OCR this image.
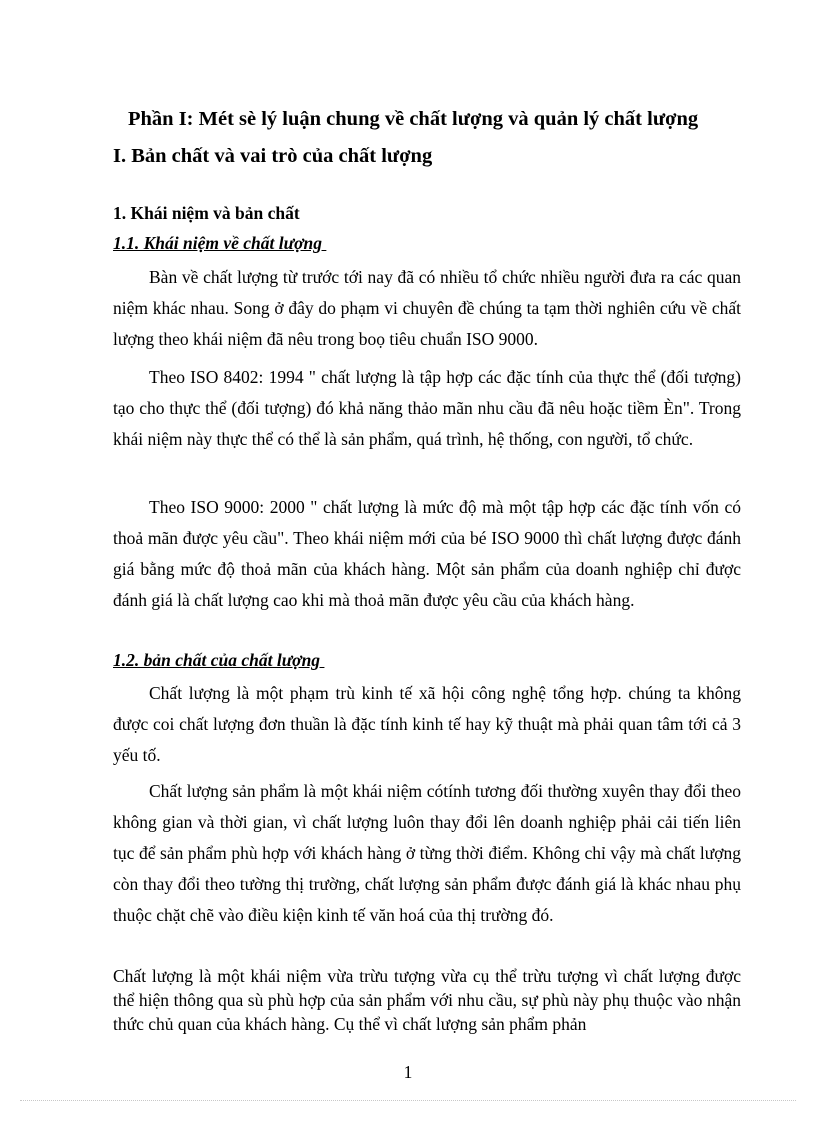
Phần I: Mét sè lý luận chung về chất lượng và quản lý chất lượng
I. Bản chất và vai trò của chất lượng
1. Khái niệm và bản chất
1.1. Khái niệm về chất lượng

Bàn về chất lượng từ trước tới nay đã có nhiều tổ chức nhiều người đưa ra các quan niệm khác nhau. Song ở đây do phạm vi chuyên đề chúng ta tạm thời nghiên cứu về chất lượng theo khái niệm đã nêu trong boọ tiêu chuẩn ISO 9000.

Theo ISO 8402: 1994 " chất lượng là tập hợp các đặc tính của thực thể (đối tượng) tạo cho thực thể (đối tượng) đó khả năng thảo mãn nhu cầu đã nêu hoặc tiềm Èn". Trong khái niệm này thực thể có thể là sản phẩm, quá trình, hệ thống, con người, tổ chức.

Theo ISO 9000: 2000 " chất lượng là mức độ mà một tập hợp các đặc tính vốn có thoả mãn được yêu cầu". Theo khái niệm mới của bé ISO 9000 thì chất lượng được đánh giá bằng mức độ thoả mãn của khách hàng. Một sản phẩm của doanh nghiệp chỉ được đánh giá là chất lượng cao khi mà thoả mãn được yêu cầu của khách hàng.

1.2. bản chất của chất lượng

Chất lượng là một phạm trù kinh tế xã hội công nghệ tổng hợp. chúng ta không được coi chất lượng đơn thuần là đặc tính kinh tế hay kỹ thuật mà phải quan tâm tới cả 3 yếu tố.

Chất lượng sản phẩm là một khái niệm cótính tương đối thường xuyên thay đổi theo không gian và thời gian, vì chất lượng luôn thay đổi lên doanh nghiệp phải cải tiến liên tục để sản phẩm phù hợp với khách hàng ở từng thời điểm. Không chỉ vậy mà chất lượng còn thay đổi theo tường thị trường, chất lượng sản phẩm được đánh giá là khác nhau phụ thuộc chặt chẽ vào điều kiện kinh tế văn hoá của thị trường đó.

Chất lượng là một khái niệm vừa trừu tượng vừa cụ thể trừu tượng vì chất lượng được thể hiện thông qua sù phù hợp của sản phẩm với nhu cầu, sự phù này phụ thuộc vào nhận thức chủ quan của khách hàng. Cụ thể vì chất lượng sản phẩm phản

1
